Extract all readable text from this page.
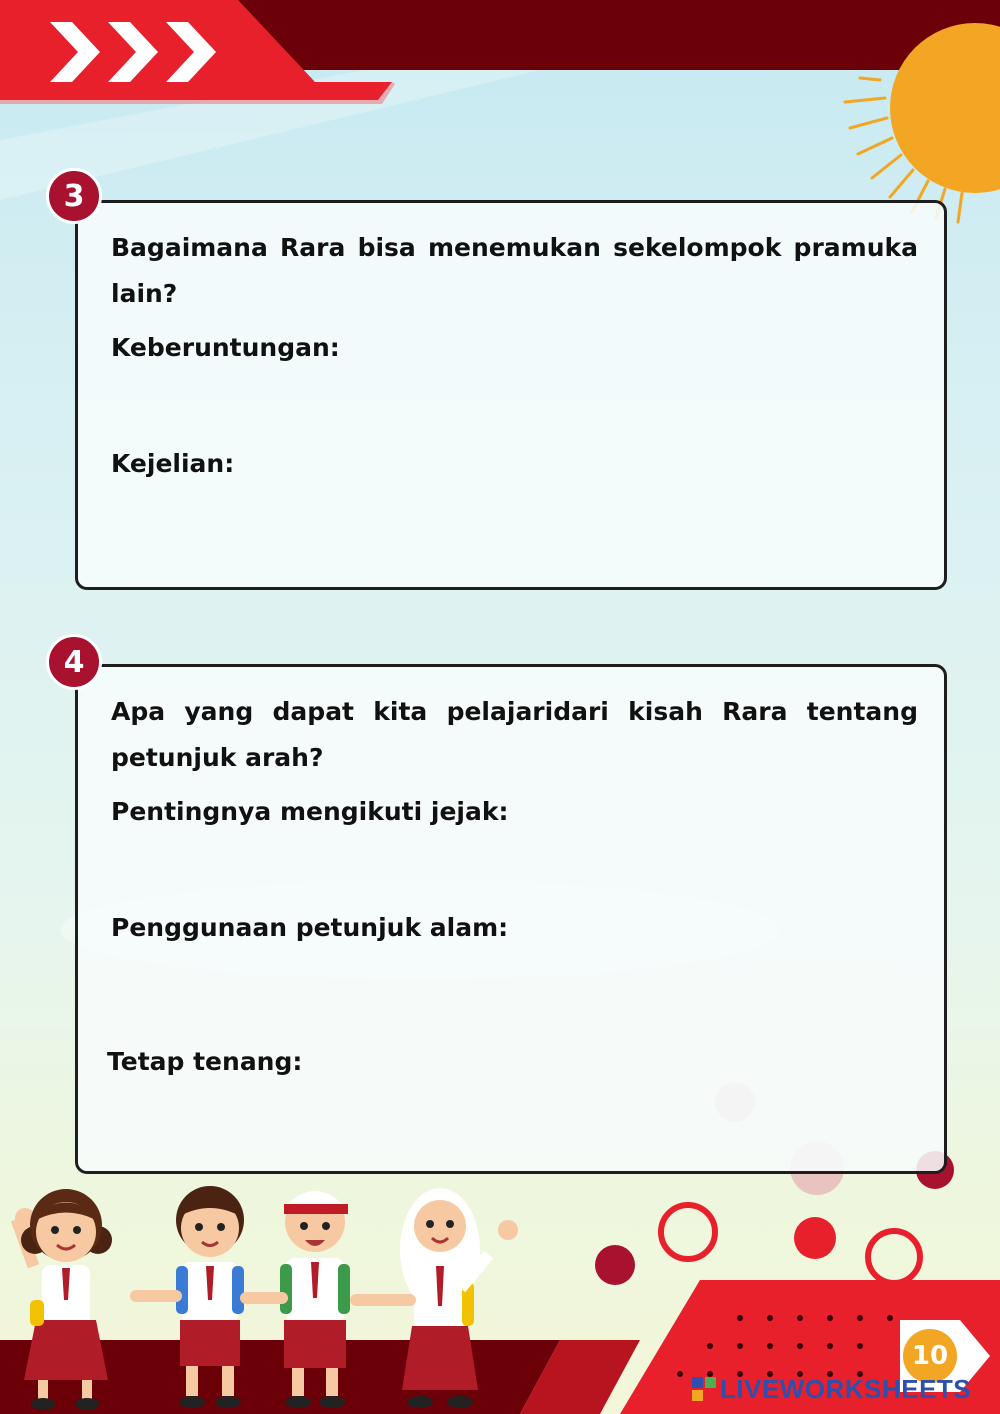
Bagaimana Rara bisa menemukan sekelompok pramuka lain?

Keberuntungan:

Kejelian:

3

Apa yang dapat kita pelajaridari kisah Rara tentang petunjuk arah?

Pentingnya mengikuti jejak:

Penggunaan petunjuk alam:

Tetap tenang:

4
10
LIVEWORKSHEETS
